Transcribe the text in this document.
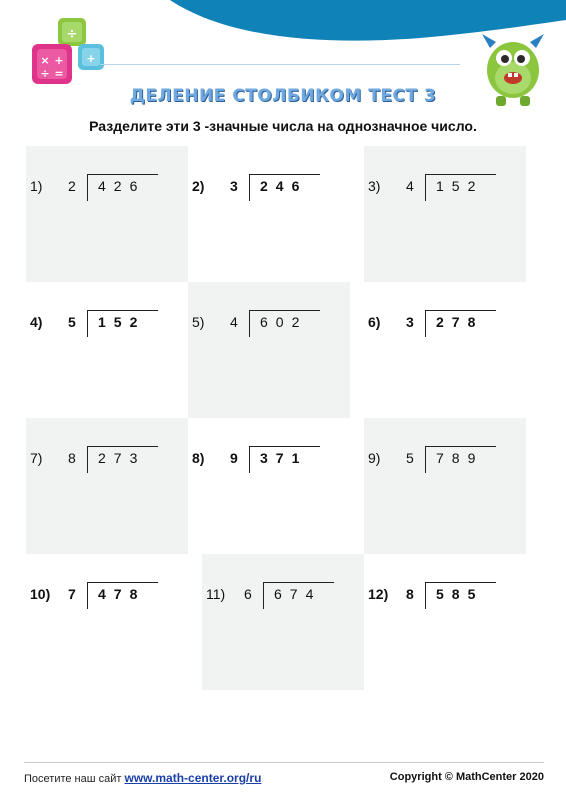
÷
+
× +
÷ =
ДЕЛЕНИЕ СТОЛБИКОМ ТЕСТ 3
Разделите эти 3 -значные числа на однозначное число.
1) 2 426	2) 3 246	3) 4 152
4) 5 152	5) 4 602	6) 3 278
7) 8 273	8) 9 371	9) 5 789
10) 7 478	11) 6 674	12) 8 585
Посетите наш сайт www.math-center.org/ru	Copyright © MathCenter 2020
